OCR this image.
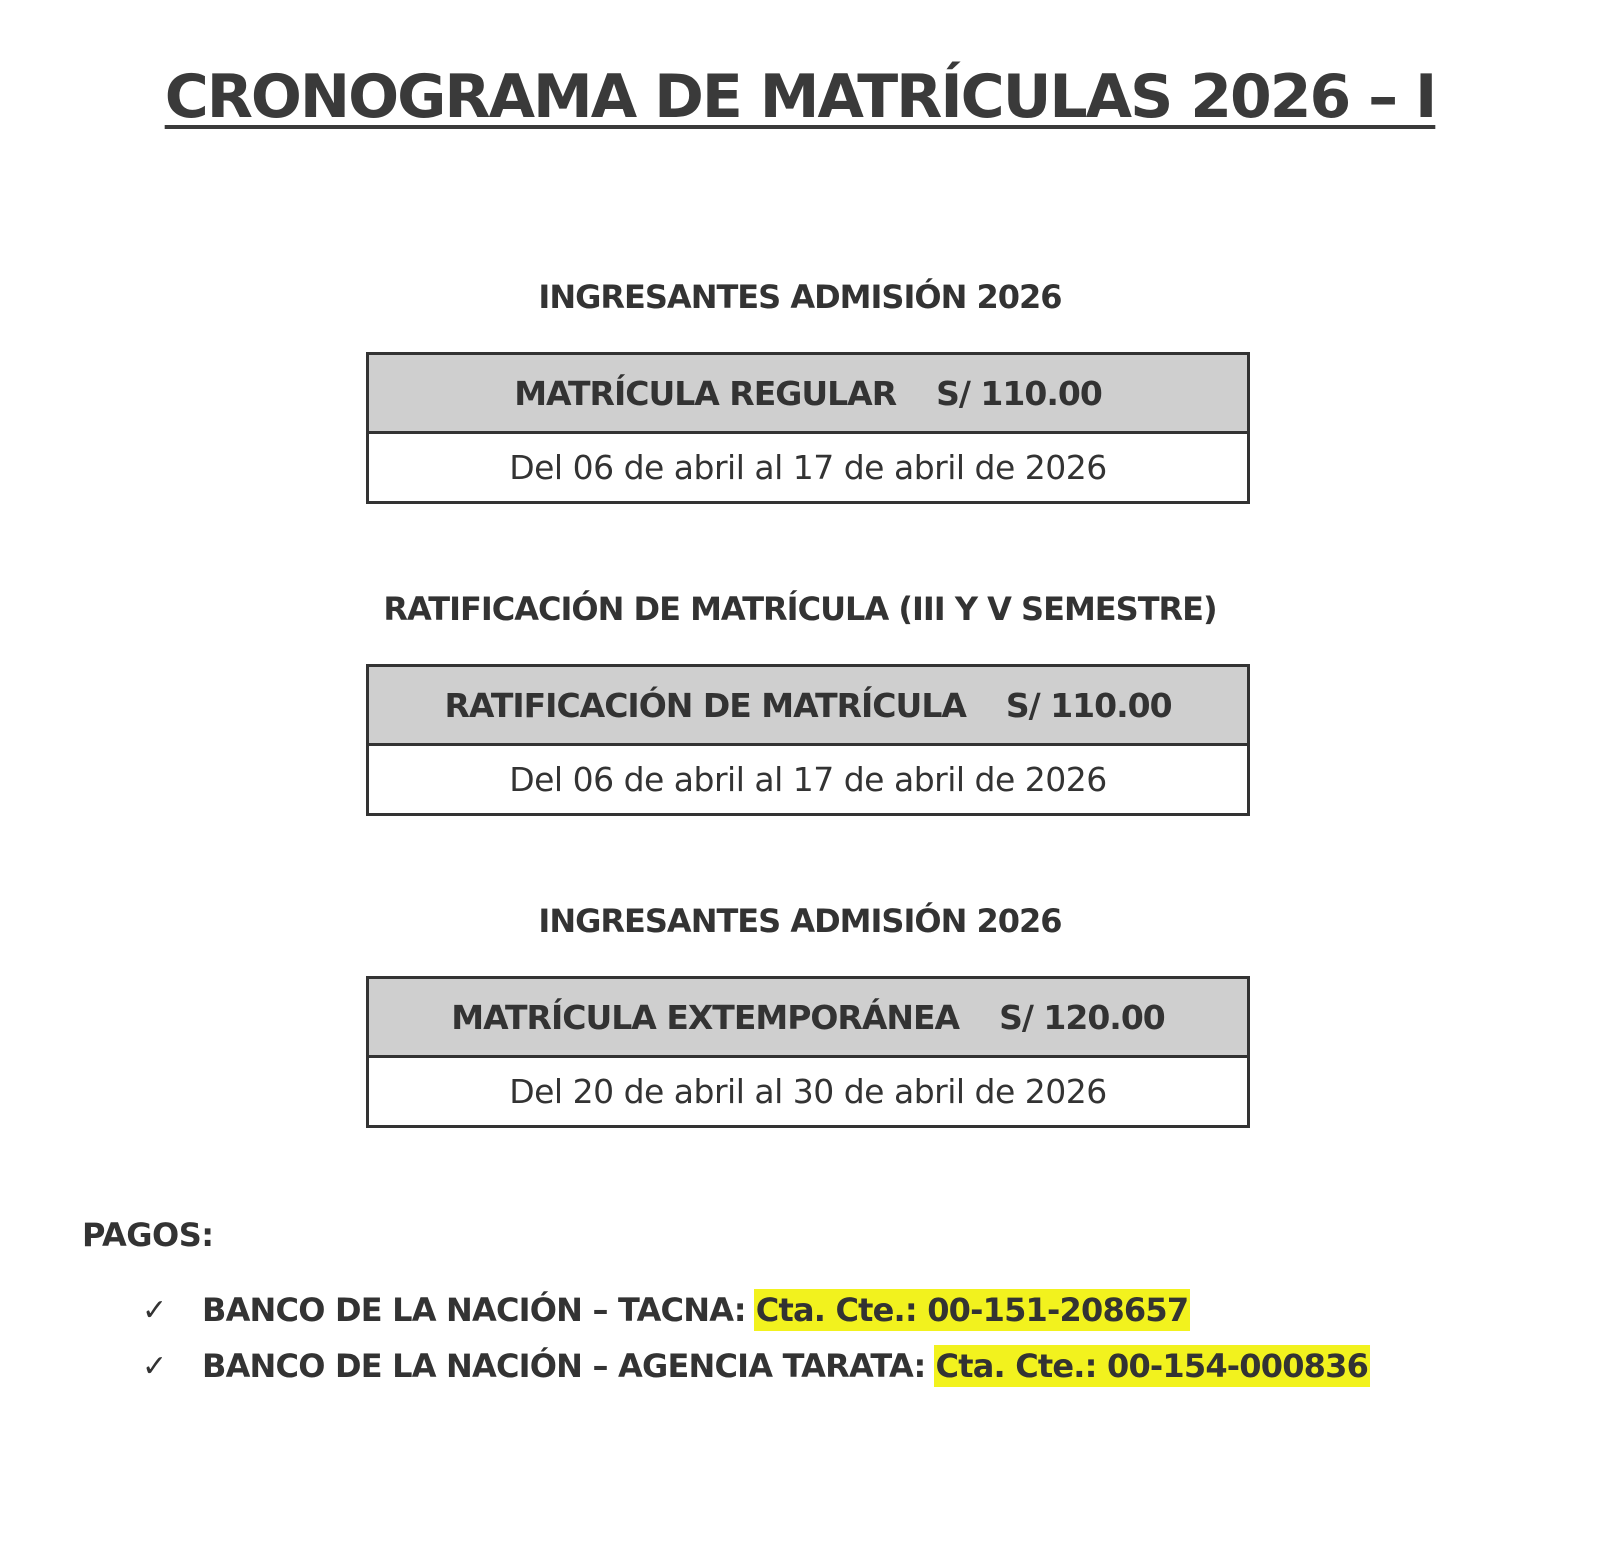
CRONOGRAMA DE MATRÍCULAS 2026 – I
INGRESANTES ADMISIÓN 2026
MATRÍCULA REGULAR S/ 110.00
Del 06 de abril al 17 de abril de 2026
RATIFICACIÓN DE MATRÍCULA (III Y V SEMESTRE)
RATIFICACIÓN DE MATRÍCULA S/ 110.00
Del 06 de abril al 17 de abril de 2026
INGRESANTES ADMISIÓN 2026
MATRÍCULA EXTEMPORÁNEA S/ 120.00
Del 20 de abril al 30 de abril de 2026
PAGOS:
✓	BANCO DE LA NACIÓN – TACNA: Cta. Cte.: 00-151-208657
✓	BANCO DE LA NACIÓN – AGENCIA TARATA: Cta. Cte.: 00-154-000836
